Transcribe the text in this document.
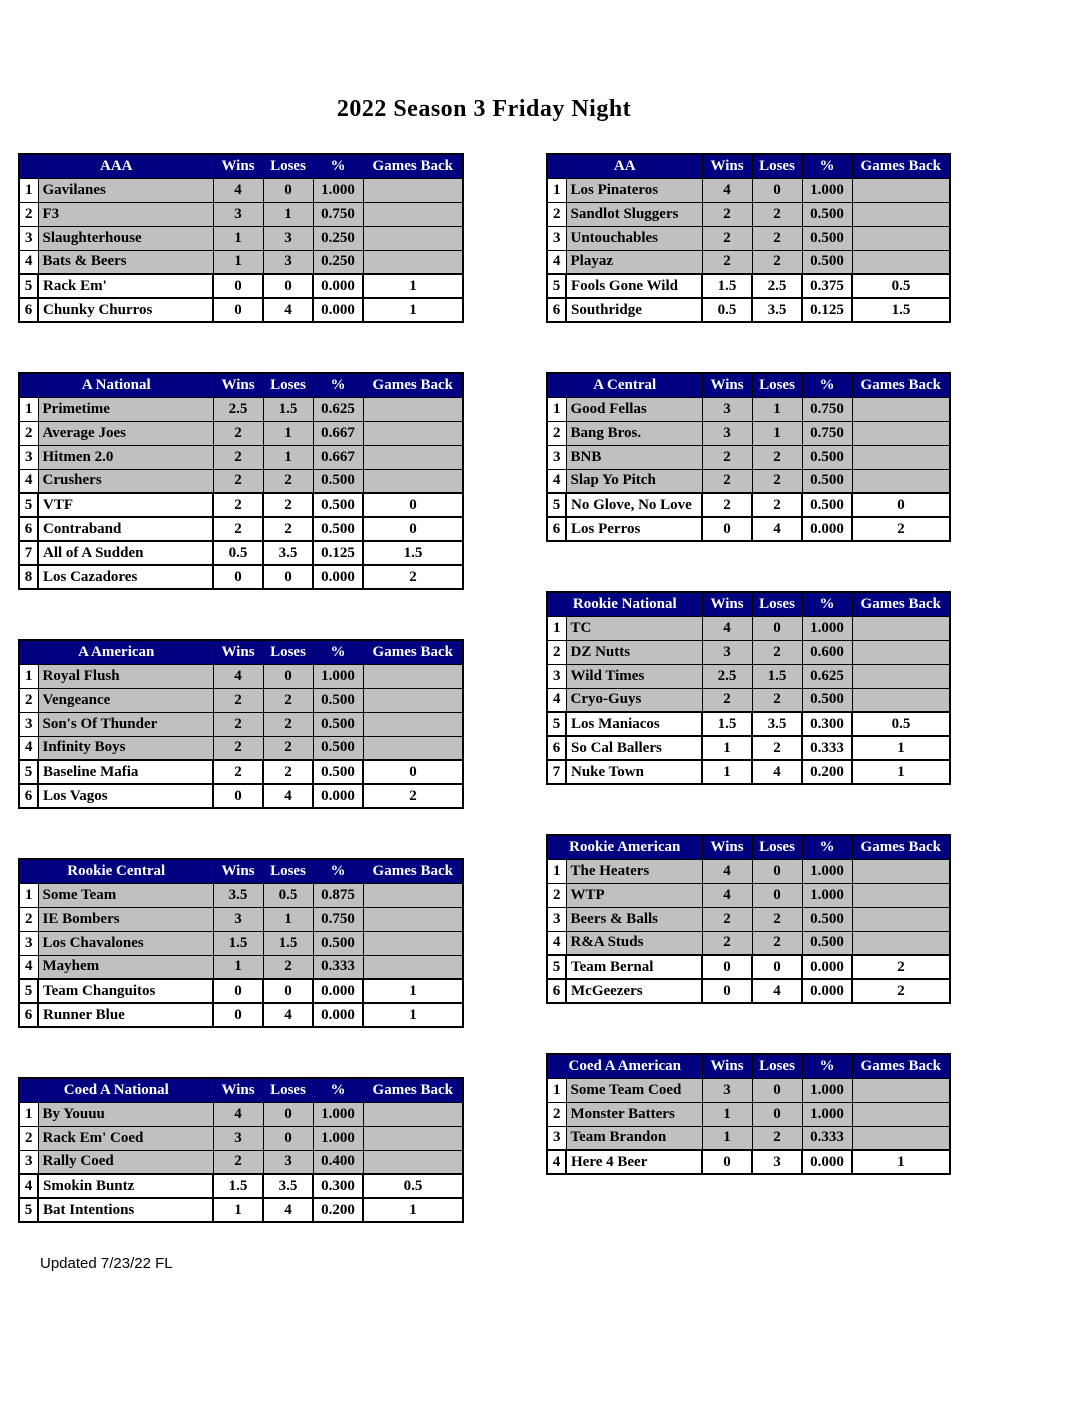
2022 Season 3 Friday Night
AAA		Wins	Loses	%	Games Back
1	Gavilanes	4	0	1.000	
2	F3	3	1	0.750	
3	Slaughterhouse	1	3	0.250	
4	Bats & Beers	1	3	0.250	
5	Rack Em'	0	0	0.000	1
6	Chunky Churros	0	4	0.000	1
A National		Wins	Loses	%	Games Back
1	Primetime	2.5	1.5	0.625	
2	Average Joes	2	1	0.667	
3	Hitmen 2.0	2	1	0.667	
4	Crushers	2	2	0.500	
5	VTF	2	2	0.500	0
6	Contraband	2	2	0.500	0
7	All of A Sudden	0.5	3.5	0.125	1.5
8	Los Cazadores	0	0	0.000	2
A American		Wins	Loses	%	Games Back
1	Royal Flush	4	0	1.000	
2	Vengeance	2	2	0.500	
3	Son's Of Thunder	2	2	0.500	
4	Infinity Boys	2	2	0.500	
5	Baseline Mafia	2	2	0.500	0
6	Los Vagos	0	4	0.000	2
Rookie Central		Wins	Loses	%	Games Back
1	Some Team	3.5	0.5	0.875	
2	IE Bombers	3	1	0.750	
3	Los Chavalones	1.5	1.5	0.500	
4	Mayhem	1	2	0.333	
5	Team Changuitos	0	0	0.000	1
6	Runner Blue	0	4	0.000	1
Coed A National		Wins	Loses	%	Games Back
1	By Youuu	4	0	1.000	
2	Rack Em' Coed	3	0	1.000	
3	Rally Coed	2	3	0.400	
4	Smokin Buntz	1.5	3.5	0.300	0.5
5	Bat Intentions	1	4	0.200	1
AA		Wins	Loses	%	Games Back
1	Los Pinateros	4	0	1.000	
2	Sandlot Sluggers	2	2	0.500	
3	Untouchables	2	2	0.500	
4	Playaz	2	2	0.500	
5	Fools Gone Wild	1.5	2.5	0.375	0.5
6	Southridge	0.5	3.5	0.125	1.5
A Central		Wins	Loses	%	Games Back
1	Good Fellas	3	1	0.750	
2	Bang Bros.	3	1	0.750	
3	BNB	2	2	0.500	
4	Slap Yo Pitch	2	2	0.500	
5	No Glove, No Love	2	2	0.500	0
6	Los Perros	0	4	0.000	2
Rookie National		Wins	Loses	%	Games Back
1	TC	4	0	1.000	
2	DZ Nutts	3	2	0.600	
3	Wild Times	2.5	1.5	0.625	
4	Cryo-Guys	2	2	0.500	
5	Los Maniacos	1.5	3.5	0.300	0.5
6	So Cal Ballers	1	2	0.333	1
7	Nuke Town	1	4	0.200	1
Rookie American		Wins	Loses	%	Games Back
1	The Heaters	4	0	1.000	
2	WTP	4	0	1.000	
3	Beers & Balls	2	2	0.500	
4	R&A Studs	2	2	0.500	
5	Team Bernal	0	0	0.000	2
6	McGeezers	0	4	0.000	2
Coed A American		Wins	Loses	%	Games Back
1	Some Team Coed	3	0	1.000	
2	Monster Batters	1	0	1.000	
3	Team Brandon	1	2	0.333	
4	Here 4 Beer	0	3	0.000	1
Updated 7/23/22 FL
